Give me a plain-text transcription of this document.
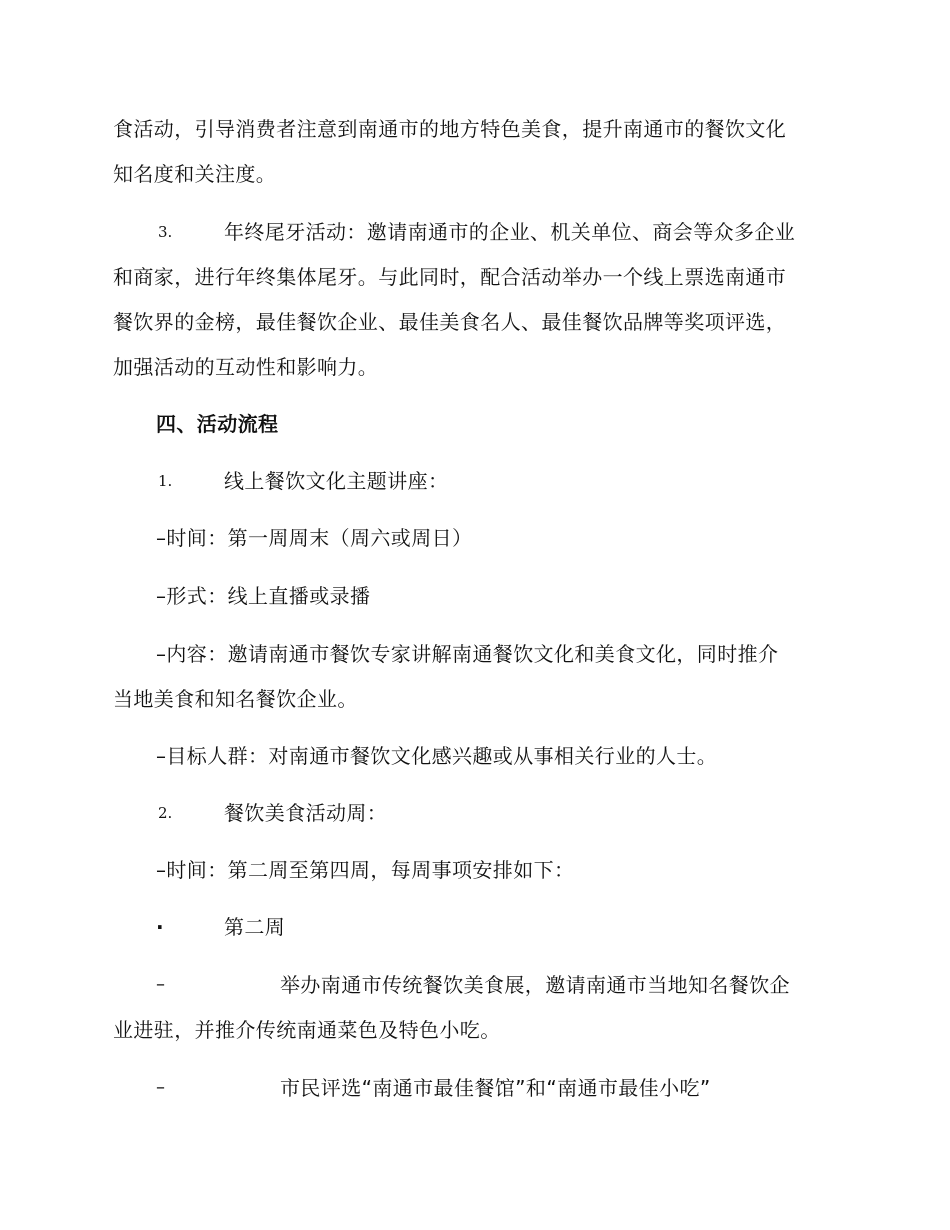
食活动，引导消费者注意到南通市的地方特色美食，提升南通市的餐饮文化
知名度和关注度。
3.	年终尾牙活动：邀请南通市的企业、机关单位、商会等众多企业
和商家，进行年终集体尾牙。与此同时，配合活动举办一个线上票选南通市
餐饮界的金榜，最佳餐饮企业、最佳美食名人、最佳餐饮品牌等奖项评选，
加强活动的互动性和影响力。
四、活动流程
1.	线上餐饮文化主题讲座：
–时间：第一周周末（周六或周日）
–形式：线上直播或录播
–内容：邀请南通市餐饮专家讲解南通餐饮文化和美食文化，同时推介
当地美食和知名餐饮企业。
–目标人群：对南通市餐饮文化感兴趣或从事相关行业的人士。
2.	餐饮美食活动周：
–时间：第二周至第四周，每周事项安排如下：
·	第二周
–	举办南通市传统餐饮美食展，邀请南通市当地知名餐饮企
业进驻，并推介传统南通菜色及特色小吃。
–	市民评选“南通市最佳餐馆”和“南通市最佳小吃”
